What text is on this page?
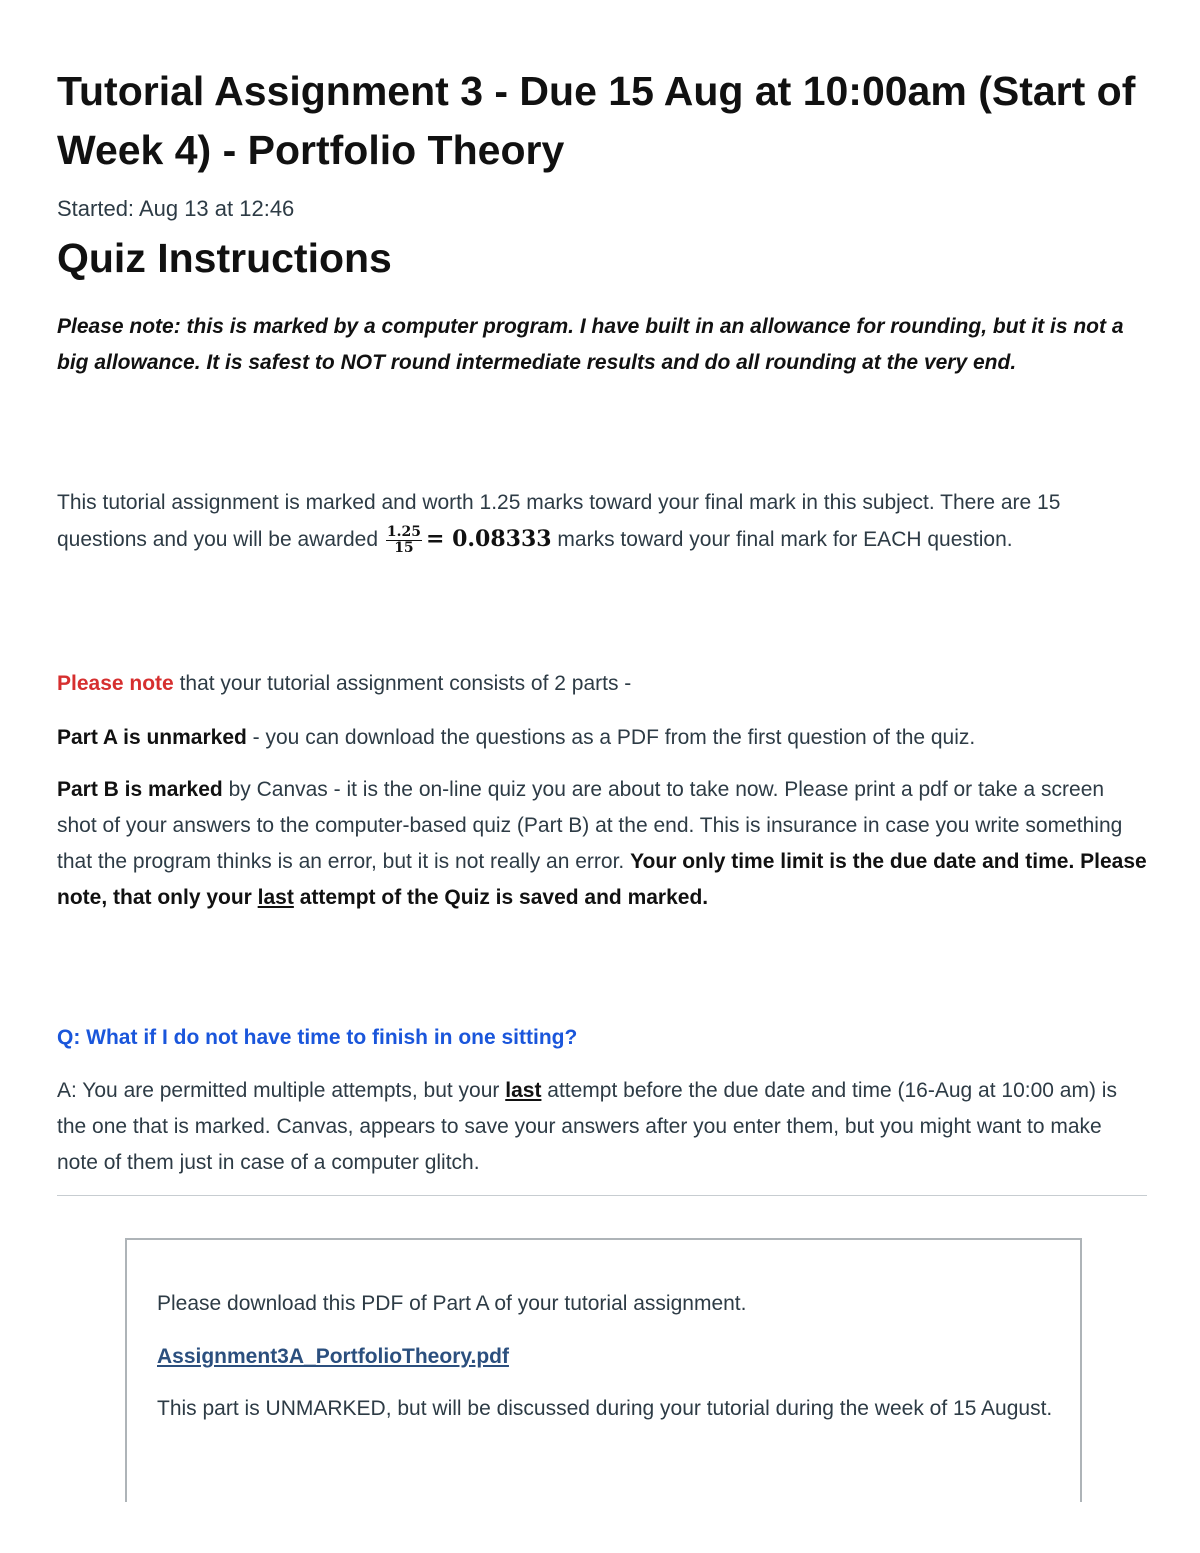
Tutorial Assignment 3 - Due 15 Aug at 10:00am (Start of Week 4) - Portfolio Theory
Started: Aug 13 at 12:46
Quiz Instructions

Please note: this is marked by a computer program. I have built in an allowance for rounding, but it is not a big allowance. It is safest to NOT round intermediate results and do all rounding at the very end.

This tutorial assignment is marked and worth 1.25 marks toward your final mark in this subject. There are 15 questions and you will be awarded $\frac{1.25}{15} = 0.08333$ marks toward your final mark for EACH question.

Please note that your tutorial assignment consists of 2 parts -

Part A is unmarked - you can download the questions as a PDF from the first question of the quiz.

Part B is marked by Canvas - it is the on-line quiz you are about to take now. Please print a pdf or take a screen shot of your answers to the computer-based quiz (Part B) at the end. This is insurance in case you write something that the program thinks is an error, but it is not really an error. Your only time limit is the due date and time. Please note, that only your last attempt of the Quiz is saved and marked.

Q: What if I do not have time to finish in one sitting?

A: You are permitted multiple attempts, but your last attempt before the due date and time (16-Aug at 10:00 am) is the one that is marked. Canvas, appears to save your answers after you enter them, but you might want to make note of them just in case of a computer glitch.

Please download this PDF of Part A of your tutorial assignment.

Assignment3A_PortfolioTheory.pdf

This part is UNMARKED, but will be discussed during your tutorial during the week of 15 August.
